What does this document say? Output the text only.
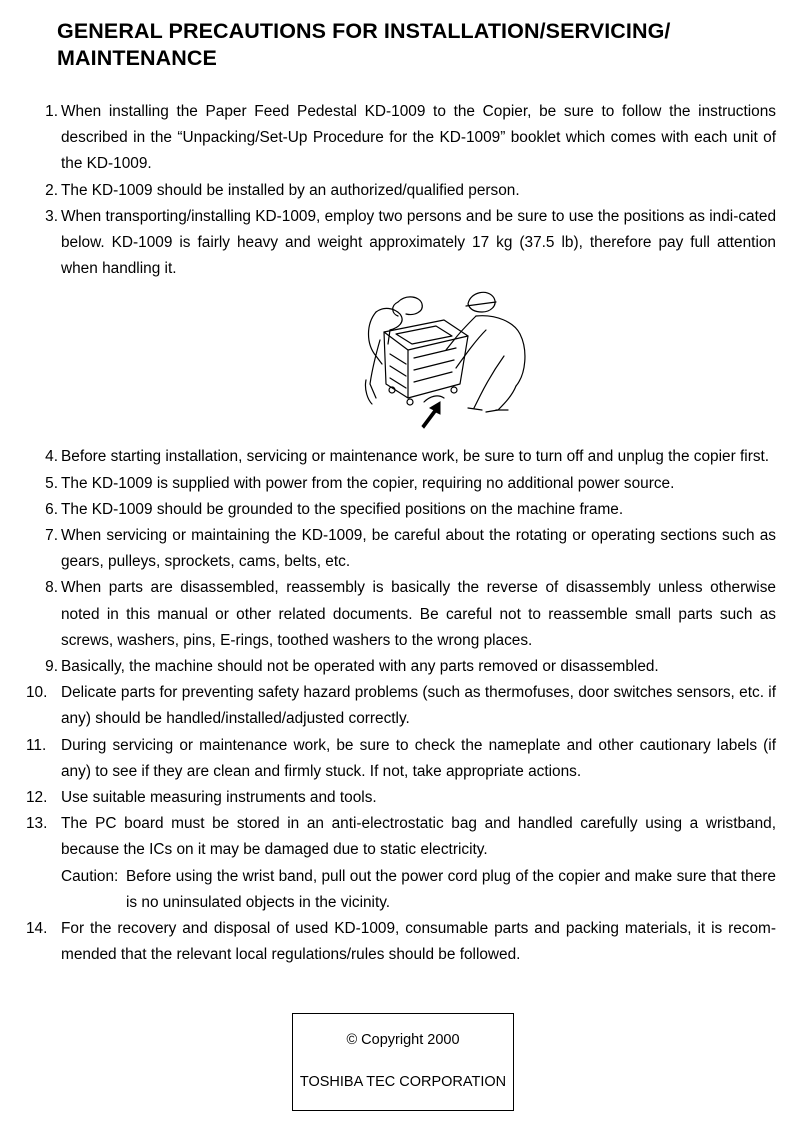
GENERAL PRECAUTIONS FOR INSTALLATION/SERVICING/
MAINTENANCE
1. When installing the Paper Feed Pedestal KD-1009 to the Copier, be sure to follow the instructions described in the “Unpacking/Set-Up Procedure for the KD-1009” booklet which comes with each unit of the KD-1009.
2. The KD-1009 should be installed by an authorized/qualified person.
3. When transporting/installing KD-1009, employ two persons and be sure to use the positions as indi-cated below. KD-1009 is fairly heavy and weight approximately 17 kg (37.5 lb), therefore pay full attention when handling it.
4. Before starting installation, servicing or maintenance work, be sure to turn off and unplug the copier first.
5. The KD-1009 is supplied with power from the copier, requiring no additional power source.
6. The KD-1009 should be grounded to the specified positions on the machine frame.
7. When servicing or maintaining the KD-1009, be careful about the rotating or operating sections such as gears, pulleys, sprockets, cams, belts, etc.
8. When parts are disassembled, reassembly is basically the reverse of disassembly unless otherwise noted in this manual or other related documents. Be careful not to reassemble small parts such as screws, washers, pins, E-rings, toothed washers to the wrong places.
9. Basically, the machine should not be operated with any parts removed or disassembled.
10. Delicate parts for preventing safety hazard problems (such as thermofuses, door switches sensors, etc. if any) should be handled/installed/adjusted correctly.
11. During servicing or maintenance work, be sure to check the nameplate and other cautionary labels (if any) to see if they are clean and firmly stuck. If not, take appropriate actions.
12. Use suitable measuring instruments and tools.
13. The PC board must be stored in an anti-electrostatic bag and handled carefully using a wristband, because the ICs on it may be damaged due to static electricity.
Caution: Before using the wrist band, pull out the power cord plug of the copier and make sure that there is no uninsulated objects in the vicinity.
14. For the recovery and disposal of used KD-1009, consumable parts and packing materials, it is recom-mended that the relevant local regulations/rules should be followed.
© Copyright 2000
TOSHIBA TEC CORPORATION
